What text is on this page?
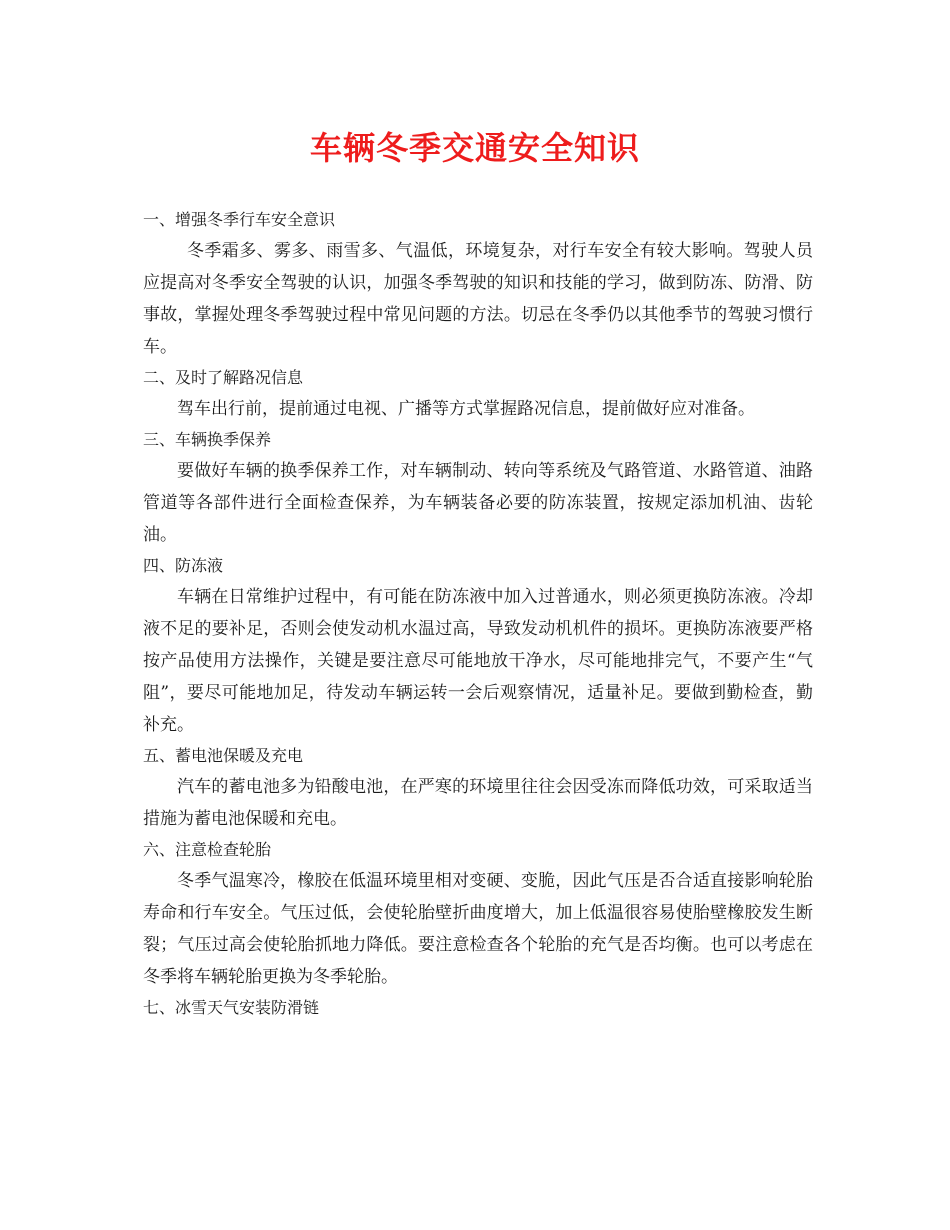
车辆冬季交通安全知识
一、增强冬季行车安全意识

冬季霜多、雾多、雨雪多、气温低，环境复杂，对行车安全有较大影响。驾驶人员应提高对冬季安全驾驶的认识，加强冬季驾驶的知识和技能的学习，做到防冻、防滑、防事故，掌握处理冬季驾驶过程中常见问题的方法。切忌在冬季仍以其他季节的驾驶习惯行车。

二、及时了解路况信息

驾车出行前，提前通过电视、广播等方式掌握路况信息，提前做好应对准备。

三、车辆换季保养

要做好车辆的换季保养工作，对车辆制动、转向等系统及气路管道、水路管道、油路管道等各部件进行全面检查保养，为车辆装备必要的防冻装置，按规定添加机油、齿轮油。

四、防冻液

车辆在日常维护过程中，有可能在防冻液中加入过普通水，则必须更换防冻液。冷却液不足的要补足，否则会使发动机水温过高，导致发动机机件的损坏。更换防冻液要严格按产品使用方法操作，关键是要注意尽可能地放干净水，尽可能地排完气，不要产生“气阻”，要尽可能地加足，待发动车辆运转一会后观察情况，适量补足。要做到勤检查，勤补充。

五、蓄电池保暖及充电

汽车的蓄电池多为铅酸电池，在严寒的环境里往往会因受冻而降低功效，可采取适当措施为蓄电池保暖和充电。

六、注意检查轮胎

冬季气温寒冷，橡胶在低温环境里相对变硬、变脆，因此气压是否合适直接影响轮胎寿命和行车安全。气压过低，会使轮胎壁折曲度增大，加上低温很容易使胎壁橡胶发生断裂；气压过高会使轮胎抓地力降低。要注意检查各个轮胎的充气是否均衡。也可以考虑在冬季将车辆轮胎更换为冬季轮胎。

七、冰雪天气安装防滑链
